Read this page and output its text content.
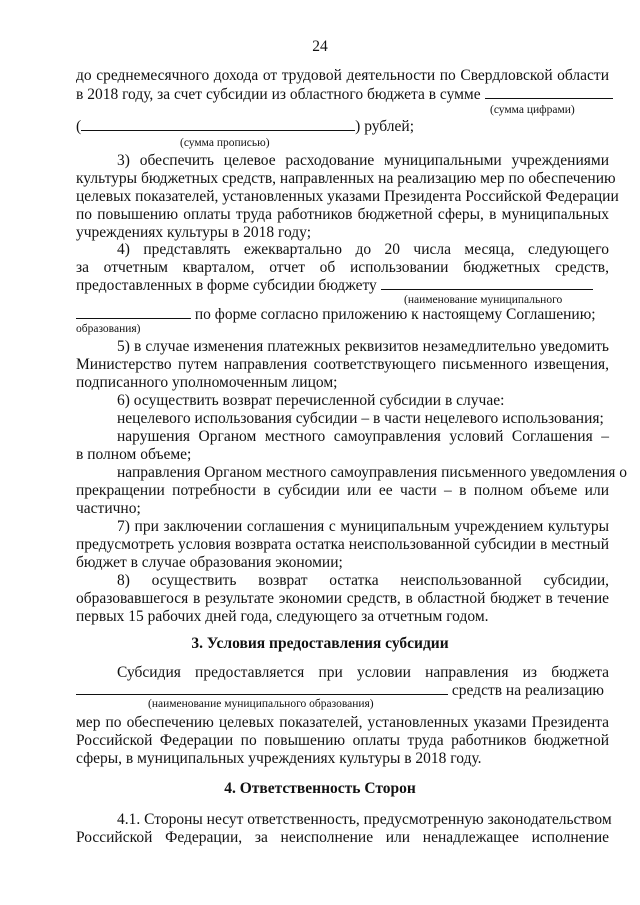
24
до среднемесячного дохода от трудовой деятельности по Свердловской области
в 2018 году, за счет субсидии из областного бюджета в сумме
(сумма цифрами)
(	) рублей;
(сумма прописью)
3) обеспечить целевое расходование муниципальными учреждениями
культуры бюджетных средств, направленных на реализацию мер по обеспечению
целевых показателей, установленных указами Президента Российской Федерации
по повышению оплаты труда работников бюджетной сферы, в муниципальных
учреждениях культуры в 2018 году;
4) представлять ежеквартально до 20 числа месяца, следующего
за отчетным кварталом, отчет об использовании бюджетных средств,
предоставленных в форме субсидии бюджету
(наименование муниципального
по форме согласно приложению к настоящему Соглашению;
образования)
5) в случае изменения платежных реквизитов незамедлительно уведомить
Министерство путем направления соответствующего письменного извещения,
подписанного уполномоченным лицом;
6) осуществить возврат перечисленной субсидии в случае:
нецелевого использования субсидии – в части нецелевого использования;
нарушения Органом местного самоуправления условий Соглашения –
в полном объеме;
направления Органом местного самоуправления письменного уведомления о
прекращении потребности в субсидии или ее части – в полном объеме или
частично;
7) при заключении соглашения с муниципальным учреждением культуры
предусмотреть условия возврата остатка неиспользованной субсидии в местный
бюджет в случае образования экономии;
8) осуществить возврат остатка неиспользованной субсидии,
образовавшегося в результате экономии средств, в областной бюджет в течение
первых 15 рабочих дней года, следующего за отчетным годом.
3. Условия предоставления субсидии
Субсидия предоставляется при условии направления из бюджета
средств на реализацию
(наименование муниципального образования)
мер по обеспечению целевых показателей, установленных указами Президента
Российской Федерации по повышению оплаты труда работников бюджетной
сферы, в муниципальных учреждениях культуры в 2018 году.
4. Ответственность Сторон
4.1. Стороны несут ответственность, предусмотренную законодательством
Российской Федерации, за неисполнение или ненадлежащее исполнение
